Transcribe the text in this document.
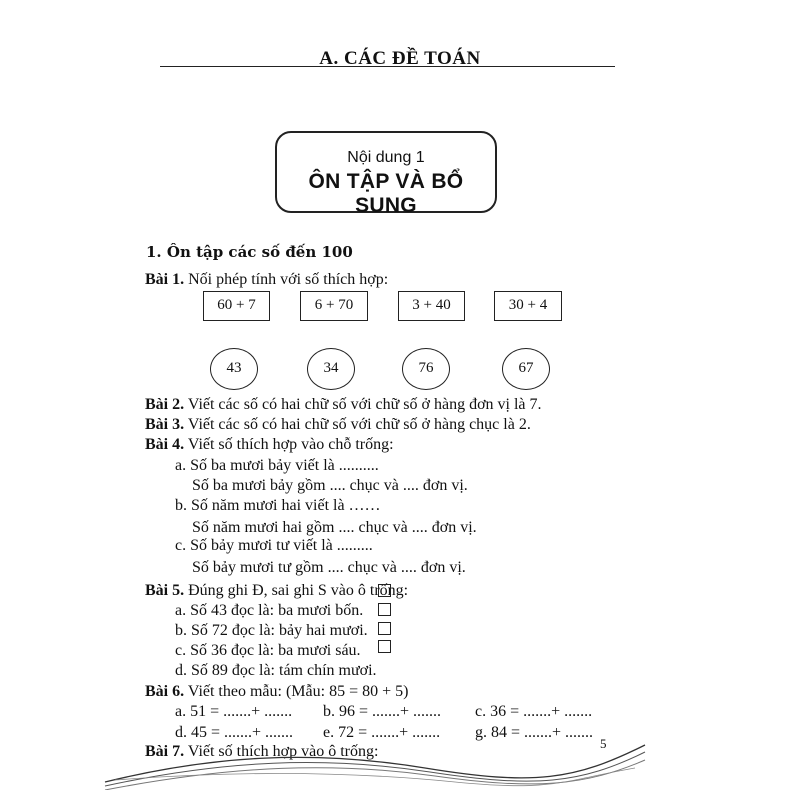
A. CÁC ĐỀ TOÁN
Nội dung 1
ÔN TẬP VÀ BỔ SUNG
1. Ôn tập các số đến 100
Bài 1. Nối phép tính với số thích hợp:
60 + 7	6 + 70	3 + 40	30 + 4
43	34	76	67
Bài 2. Viết các số có hai chữ số với chữ số ở hàng đơn vị là 7.
Bài 3. Viết các số có hai chữ số với chữ số ở hàng chục là 2.
Bài 4. Viết số thích hợp vào chỗ trống:
a. Số ba mươi bảy viết là ..........
Số ba mươi bảy gồm .... chục và .... đơn vị.
b. Số năm mươi hai viết là ……
Số năm mươi hai gồm .... chục và .... đơn vị.
c. Số bảy mươi tư viết là .........
Số bảy mươi tư gồm .... chục và .... đơn vị.
Bài 5. Đúng ghi Đ, sai ghi S vào ô trống:
a. Số 43 đọc là: ba mươi bốn.
b. Số 72 đọc là: bảy hai mươi.
c. Số 36 đọc là: ba mươi sáu.
d. Số 89 đọc là: tám chín mươi.
Bài 6. Viết theo mẫu: (Mẫu: 85 = 80 + 5)
a. 51 = .......+ ....... b. 96 = .......+ ....... c. 36 = .......+ .......
d. 45 = .......+ ....... e. 72 = .......+ ....... g. 84 = .......+ .......
Bài 7. Viết số thích hợp vào ô trống:	5
